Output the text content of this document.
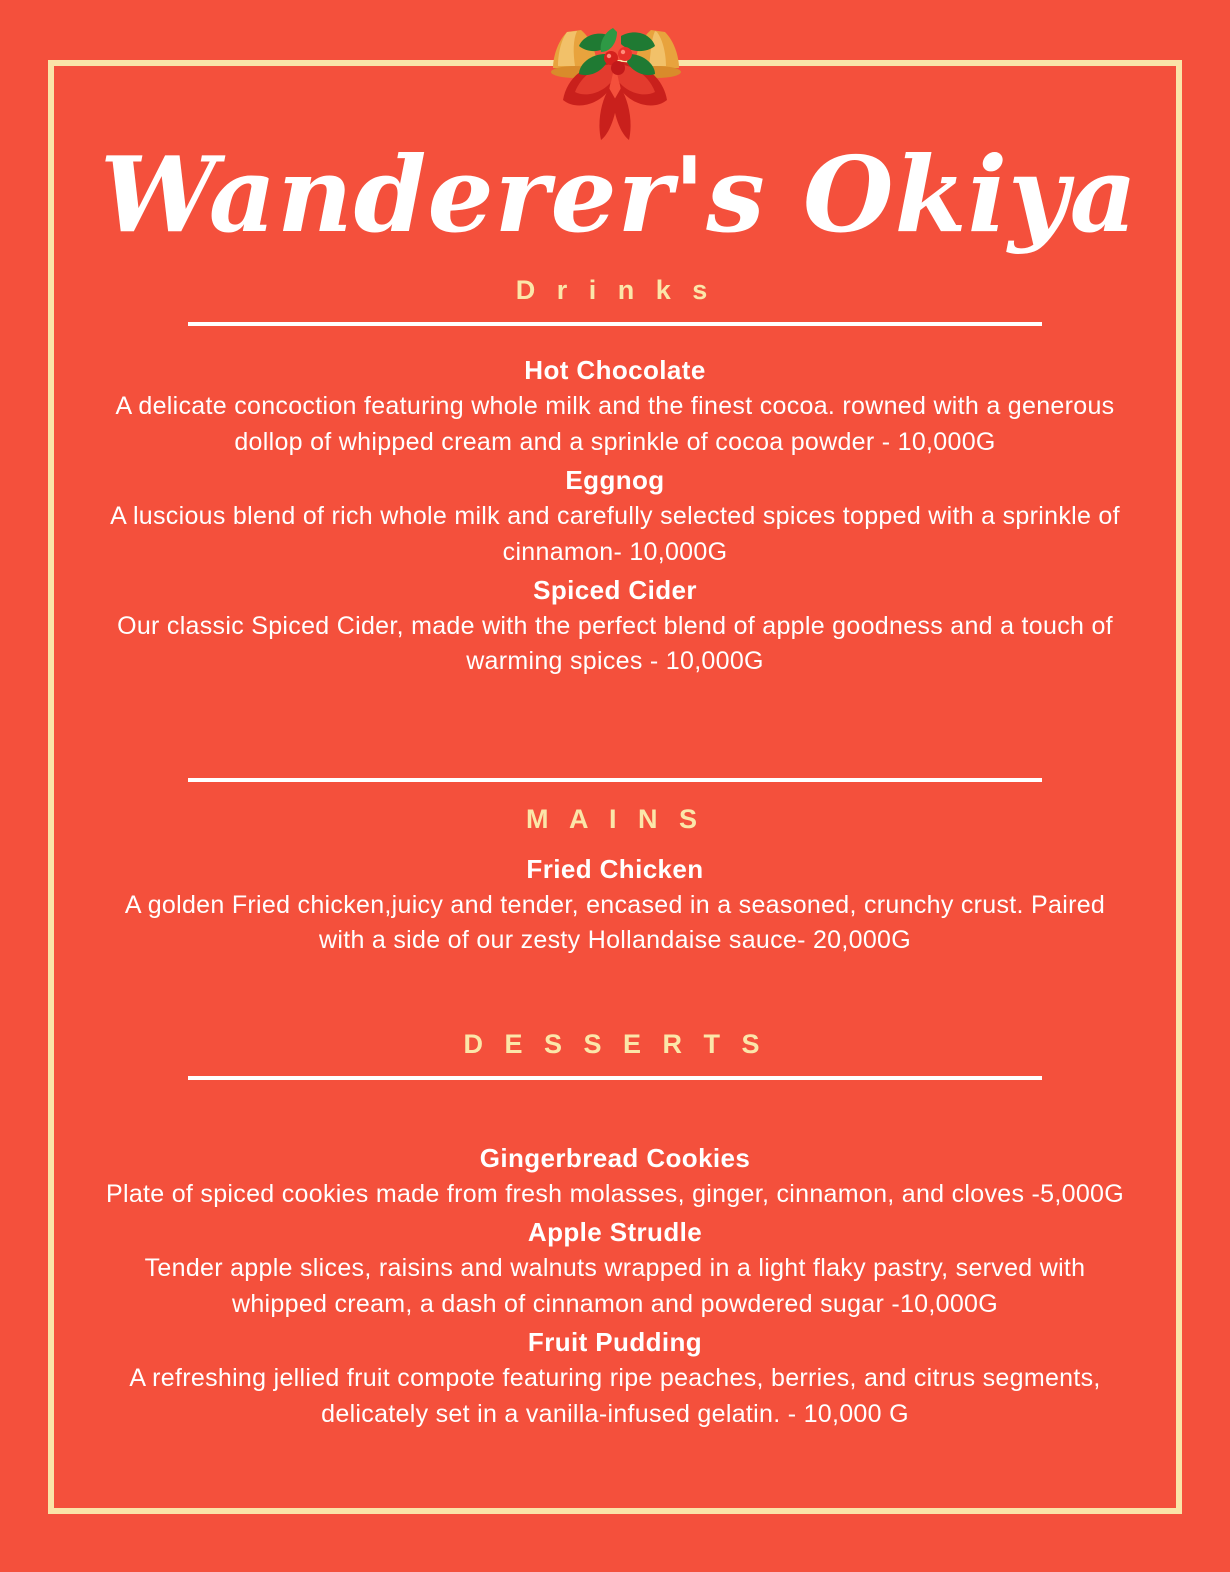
Wanderer's Okiya
D r i n k s

Hot Chocolate

A delicate concoction featuring whole milk and the finest cocoa. rowned with a generous dollop of whipped cream and a sprinkle of cocoa powder - 10,000G

Eggnog

A luscious blend of rich whole milk and carefully selected spices topped with a sprinkle of cinnamon- 10,000G

Spiced Cider

Our classic Spiced Cider, made with the perfect blend of apple goodness and a touch of warming spices - 10,000G

M A I N S

Fried Chicken

A golden Fried chicken,juicy and tender, encased in a seasoned, crunchy crust. Paired with a side of our zesty Hollandaise sauce- 20,000G

D E S S E R T S

Gingerbread Cookies

Plate of spiced cookies made from fresh molasses, ginger, cinnamon, and cloves -5,000G

Apple Strudle

Tender apple slices, raisins and walnuts wrapped in a light flaky pastry, served with whipped cream, a dash of cinnamon and powdered sugar -10,000G

Fruit Pudding

A refreshing jellied fruit compote featuring ripe peaches, berries, and citrus segments, delicately set in a vanilla-infused gelatin. - 10,000 G
